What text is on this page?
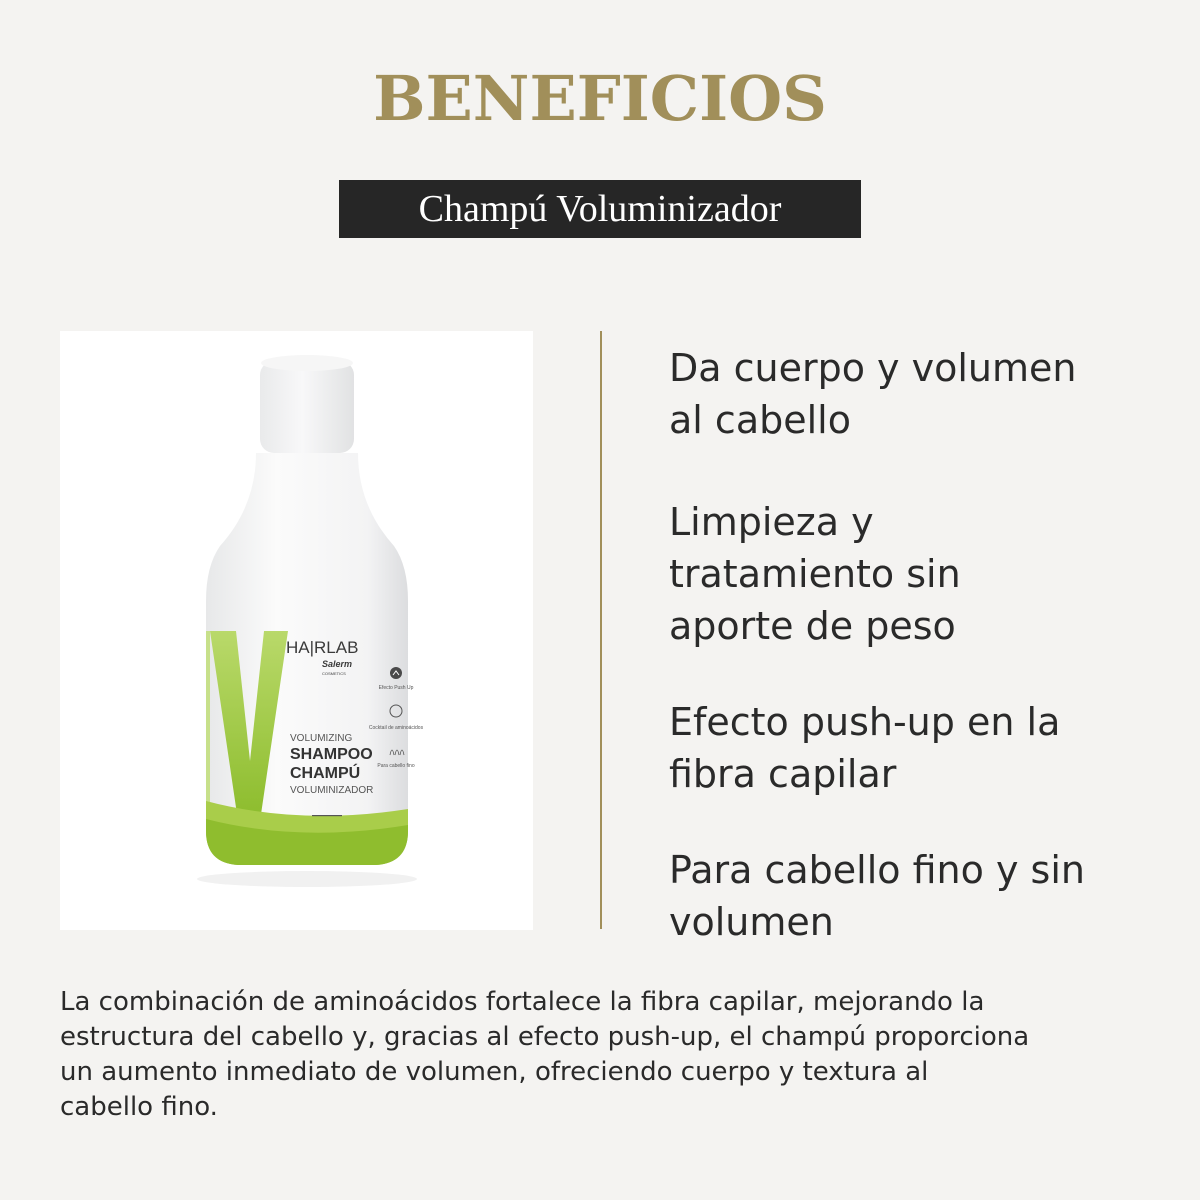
BENEFICIOS
Champú Voluminizador
HA|RLAB
Salerm
COSMETICS
VOLUMIZING
SHAMPOO
CHAMPÚ
VOLUMINIZADOR
Efecto Push Up
Cocktail de aminoácidos
Para cabello fino
Da cuerpo y volumen
al cabello
Limpieza y
tratamiento sin
aporte de peso
Efecto push-up en la
fibra capilar
Para cabello fino y sin
volumen
La combinación de aminoácidos fortalece la fibra capilar, mejorando la
estructura del cabello y, gracias al efecto push-up, el champú proporciona
un aumento inmediato de volumen, ofreciendo cuerpo y textura al
cabello fino.
